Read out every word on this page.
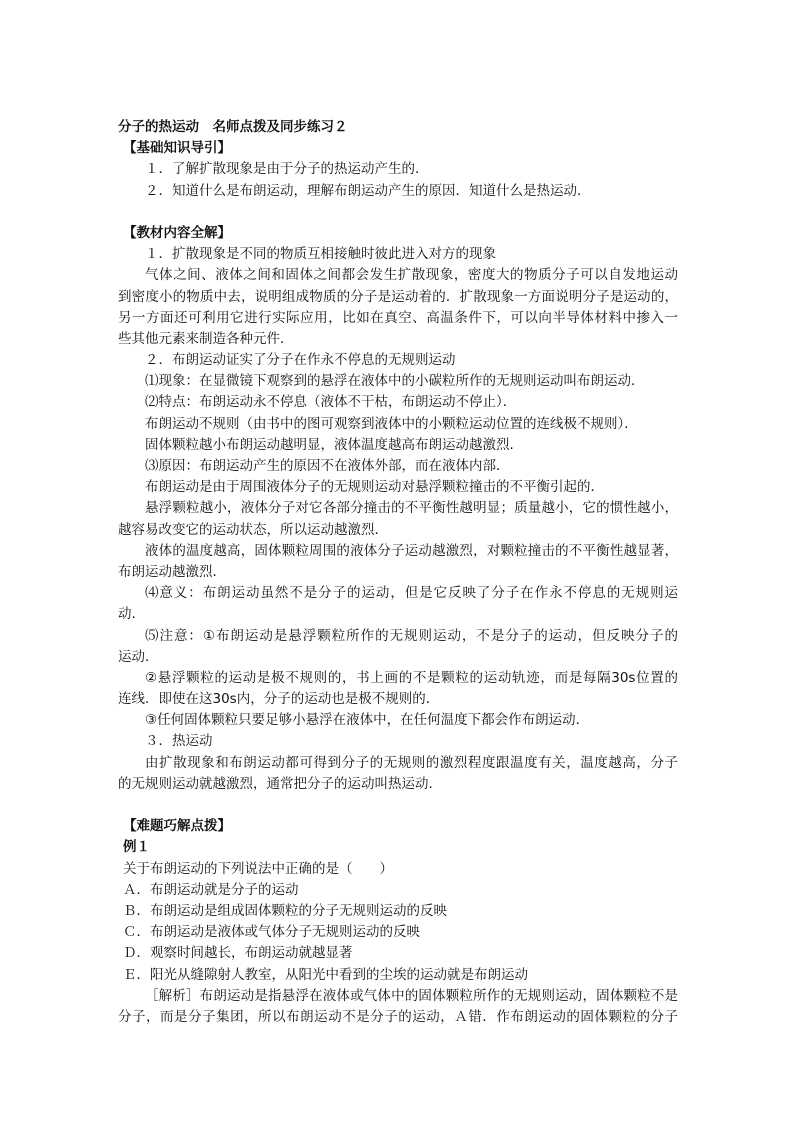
分子的热运动　名师点拨及同步练习２
【基础知识导引】
１．了解扩散现象是由于分子的热运动产生的．
２．知道什么是布朗运动，理解布朗运动产生的原因．知道什么是热运动．
【教材内容全解】
１．扩散现象是不同的物质互相接触时彼此进入对方的现象
气体之间、液体之间和固体之间都会发生扩散现象，密度大的物质分子可以自发地运动
到密度小的物质中去，说明组成物质的分子是运动着的．扩散现象一方面说明分子是运动的，
另一方面还可利用它进行实际应用，比如在真空、高温条件下，可以向半导体材料中掺入一
些其他元素来制造各种元件．
２．布朗运动证实了分子在作永不停息的无规则运动
⑴现象：在显微镜下观察到的悬浮在液体中的小碳粒所作的无规则运动叫布朗运动．
⑵特点：布朗运动永不停息（液体不干枯，布朗运动不停止）．
布朗运动不规则（由书中的图可观察到液体中的小颗粒运动位置的连线极不规则）．
固体颗粒越小布朗运动越明显，液体温度越高布朗运动越激烈．
⑶原因：布朗运动产生的原因不在液体外部，而在液体内部．
布朗运动是由于周围液体分子的无规则运动对悬浮颗粒撞击的不平衡引起的．
悬浮颗粒越小，液体分子对它各部分撞击的不平衡性越明显；质量越小，它的惯性越小，
越容易改变它的运动状态，所以运动越激烈．
液体的温度越高，固体颗粒周围的液体分子运动越激烈，对颗粒撞击的不平衡性越显著，
布朗运动越激烈．
⑷意义：布朗运动虽然不是分子的运动，但是它反映了分子在作永不停息的无规则运
动．
⑸注意：①布朗运动是悬浮颗粒所作的无规则运动，不是分子的运动，但反映分子的
运动．
②悬浮颗粒的运动是极不规则的，书上画的不是颗粒的运动轨迹，而是每隔30s位置的
连线．即使在这30s内，分子的运动也是极不规则的．
③任何固体颗粒只要足够小悬浮在液体中，在任何温度下都会作布朗运动．
３．热运动
由扩散现象和布朗运动都可得到分子的无规则的激烈程度跟温度有关，温度越高，分子
的无规则运动就越激烈，通常把分子的运动叫热运动．
【难题巧解点拨】
例１
关于布朗运动的下列说法中正确的是（　　）
Ａ．布朗运动就是分子的运动
Ｂ．布朗运动是组成固体颗粒的分子无规则运动的反映
Ｃ．布朗运动是液体或气体分子无规则运动的反映
Ｄ．观察时间越长，布朗运动就越显著
Ｅ．阳光从缝隙射人教室，从阳光中看到的尘埃的运动就是布朗运动
［解析］布朗运动是指悬浮在液体或气体中的固体颗粒所作的无规则运动，固体颗粒不是
分子，而是分子集团，所以布朗运动不是分子的运动，Ａ错．作布朗运动的固体颗粒的分子
